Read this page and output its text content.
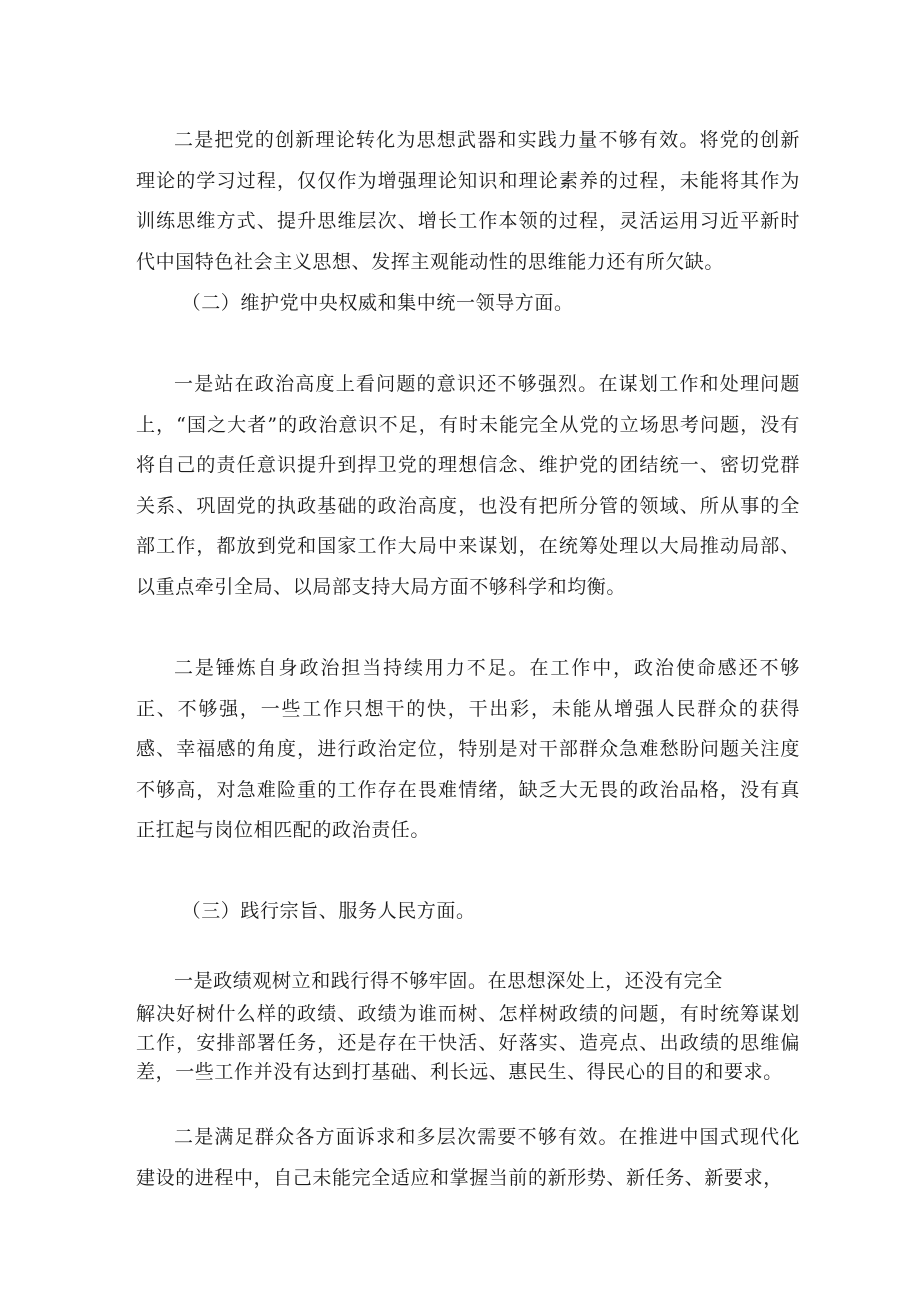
二是把党的创新理论转化为思想武器和实践力量不够有效。将党的创新理论的学习过程，仅仅作为增强理论知识和理论素养的过程，未能将其作为训练思维方式、提升思维层次、增长工作本领的过程，灵活运用习近平新时代中国特色社会主义思想、发挥主观能动性的思维能力还有所欠缺。

（二）维护党中央权威和集中统一领导方面。

一是站在政治高度上看问题的意识还不够强烈。在谋划工作和处理问题上，“国之大者”的政治意识不足，有时未能完全从党的立场思考问题，没有将自己的责任意识提升到捍卫党的理想信念、维护党的团结统一、密切党群关系、巩固党的执政基础的政治高度，也没有把所分管的领域、所从事的全部工作，都放到党和国家工作大局中来谋划，在统筹处理以大局推动局部、以重点牵引全局、以局部支持大局方面不够科学和均衡。

二是锤炼自身政治担当持续用力不足。在工作中，政治使命感还不够正、不够强，一些工作只想干的快，干出彩，未能从增强人民群众的获得感、幸福感的角度，进行政治定位，特别是对干部群众急难愁盼问题关注度不够高，对急难险重的工作存在畏难情绪，缺乏大无畏的政治品格，没有真正扛起与岗位相匹配的政治责任。

（三）践行宗旨、服务人民方面。

一是政绩观树立和践行得不够牢固。在思想深处上，还没有完全

解决好树什么样的政绩、政绩为谁而树、怎样树政绩的问题，有时统筹谋划工作，安排部署任务，还是存在干快活、好落实、造亮点、出政绩的思维偏差，一些工作并没有达到打基础、利长远、惠民生、得民心的目的和要求。

二是满足群众各方面诉求和多层次需要不够有效。在推进中国式现代化建设的进程中，自己未能完全适应和掌握当前的新形势、新任务、新要求，
